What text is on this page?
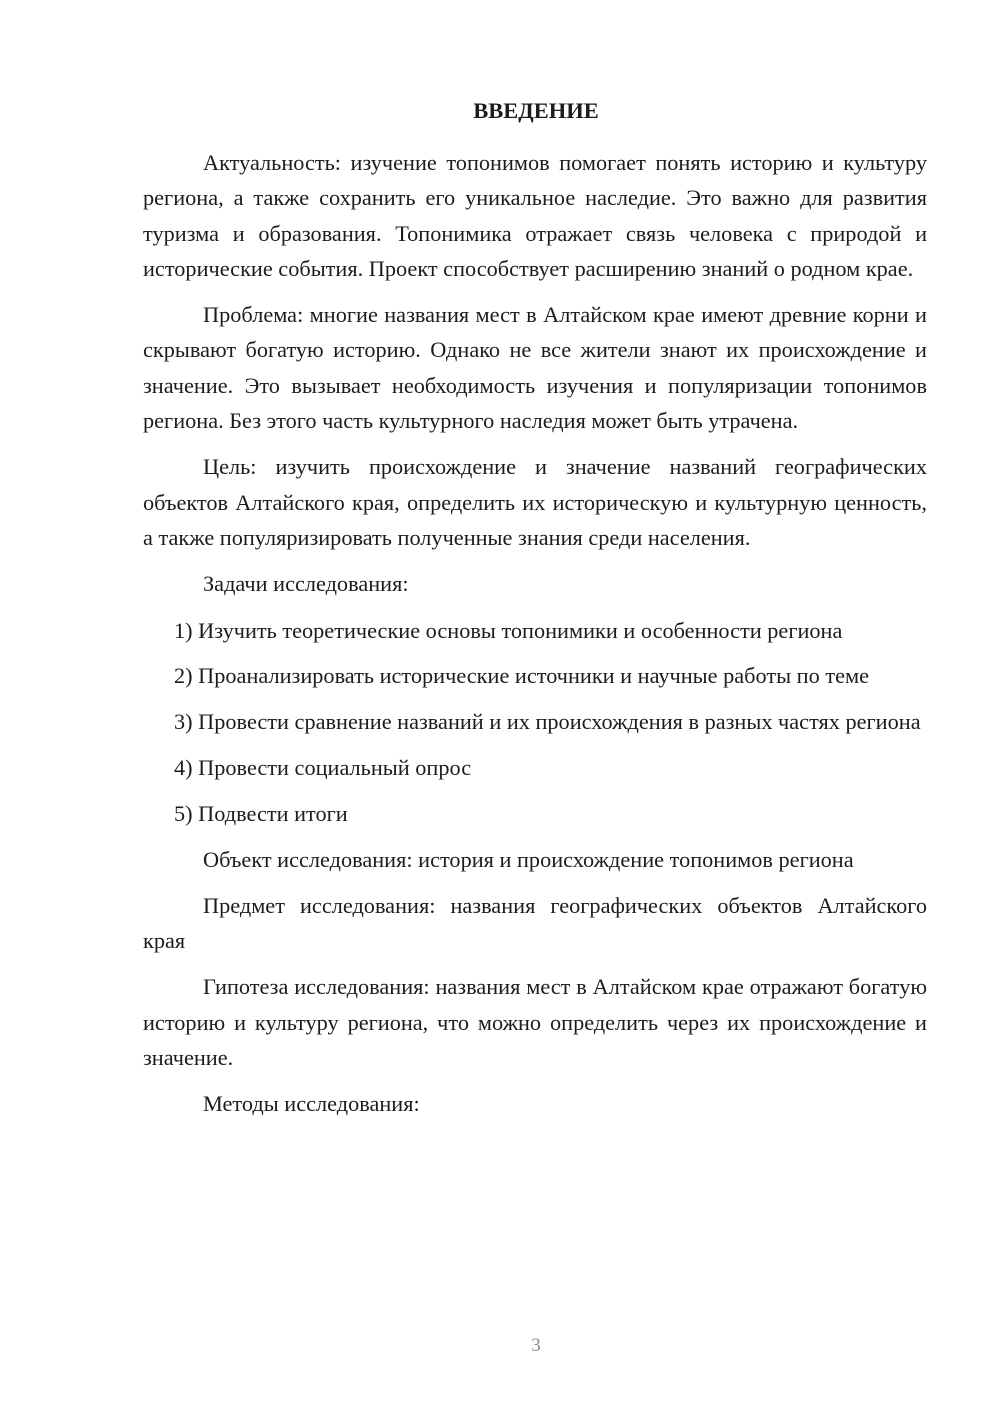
ВВЕДЕНИЕ

Актуальность: изучение топонимов помогает понять историю и культуру региона, а также сохранить его уникальное наследие. Это важно для развития туризма и образования. Топонимика отражает связь человека с природой и исторические события. Проект способствует расширению знаний о родном крае.

Проблема: многие названия мест в Алтайском крае имеют древние корни и скрывают богатую историю. Однако не все жители знают их происхождение и значение. Это вызывает необходимость изучения и популяризации топонимов региона. Без этого часть культурного наследия может быть утрачена.

Цель: изучить происхождение и значение названий географических объектов Алтайского края, определить их историческую и культурную ценность, а также популяризировать полученные знания среди населения.

Задачи исследования:

1) Изучить теоретические основы топонимики и особенности региона

2) Проанализировать исторические источники и научные работы по теме

3) Провести сравнение названий и их происхождения в разных частях региона

4) Провести социальный опрос

5) Подвести итоги

Объект исследования: история и происхождение топонимов региона

Предмет исследования: названия географических объектов Алтайского края

Гипотеза исследования: названия мест в Алтайском крае отражают богатую историю и культуру региона, что можно определить через их происхождение и значение.

Методы исследования:

3
